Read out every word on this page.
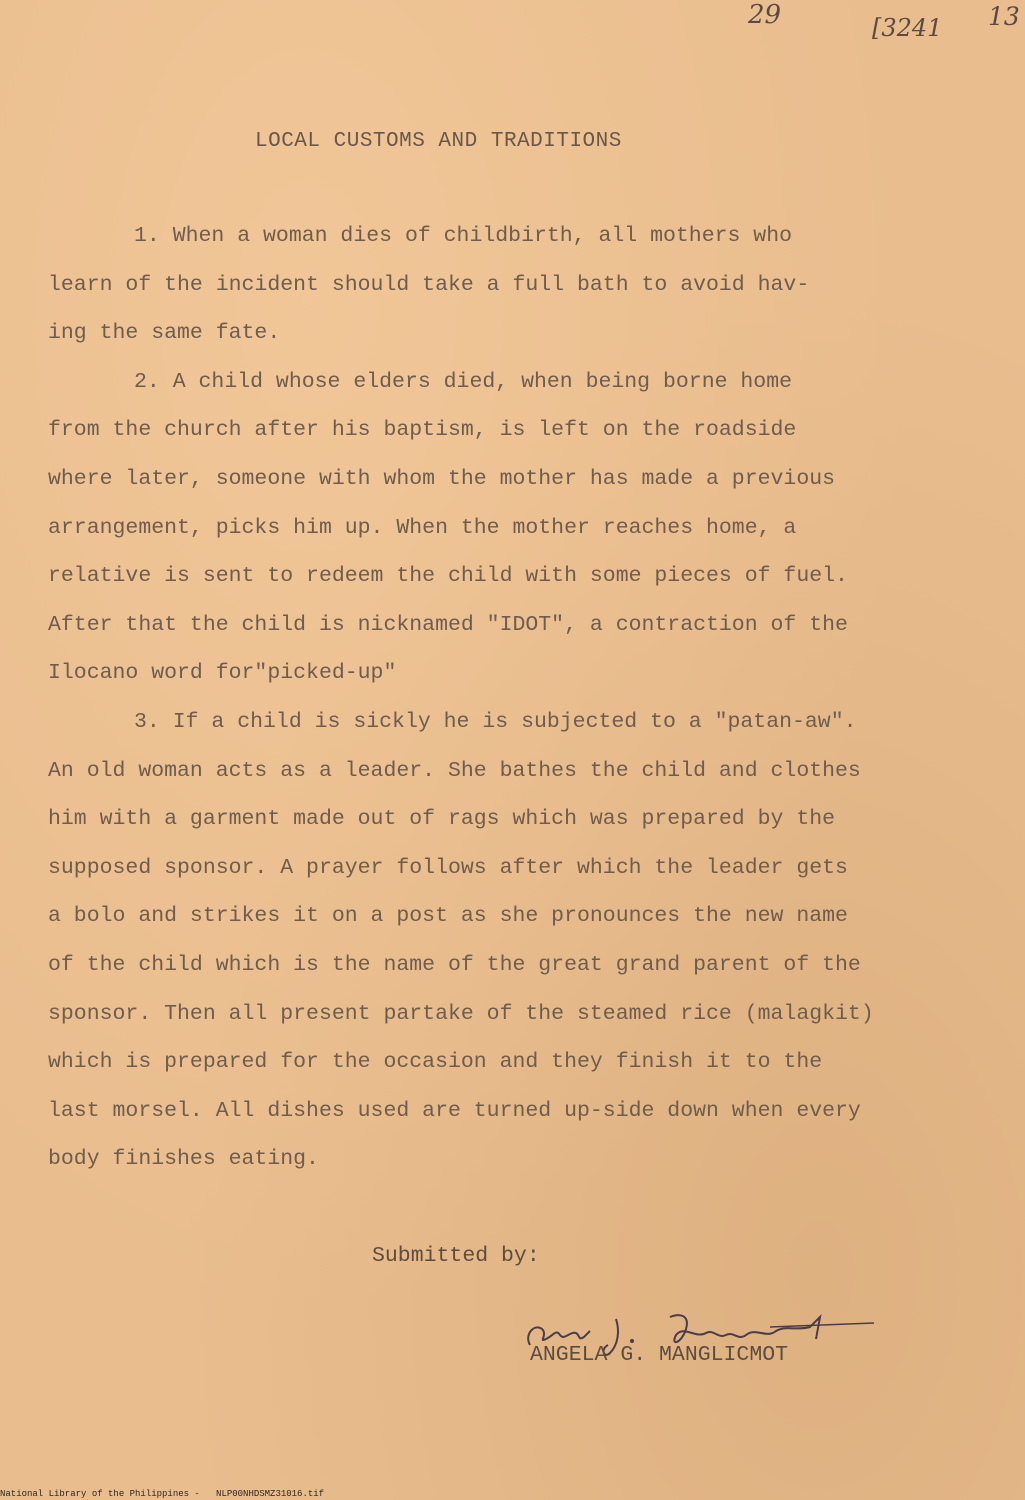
29	[3241 13
LOCAL CUSTOMS AND TRADITIONS
1. When a woman dies of childbirth, all mothers who
learn of the incident should take a full bath to avoid hav-
ing the same fate.
2. A child whose elders died, when being borne home
from the church after his baptism, is left on the roadside
where later, someone with whom the mother has made a previous
arrangement, picks him up. When the mother reaches home, a
relative is sent to redeem the child with some pieces of fuel.
After that the child is nicknamed "IDOT", a contraction of the
Ilocano word for"picked-up"
3. If a child is sickly he is subjected to a "patan-aw".
An old woman acts as a leader. She bathes the child and clothes
him with a garment made out of rags which was prepared by the
supposed sponsor. A prayer follows after which the leader gets
a bolo and strikes it on a post as she pronounces the new name
of the child which is the name of the great grand parent of the
sponsor. Then all present partake of the steamed rice (malagkit)
which is prepared for the occasion and they finish it to the
last morsel. All dishes used are turned up-side down when every
body finishes eating.
Submitted by:
ANGELA G. MANGLICMOT
National Library of the Philippines -   NLP00NHDSMZ31016.tif
